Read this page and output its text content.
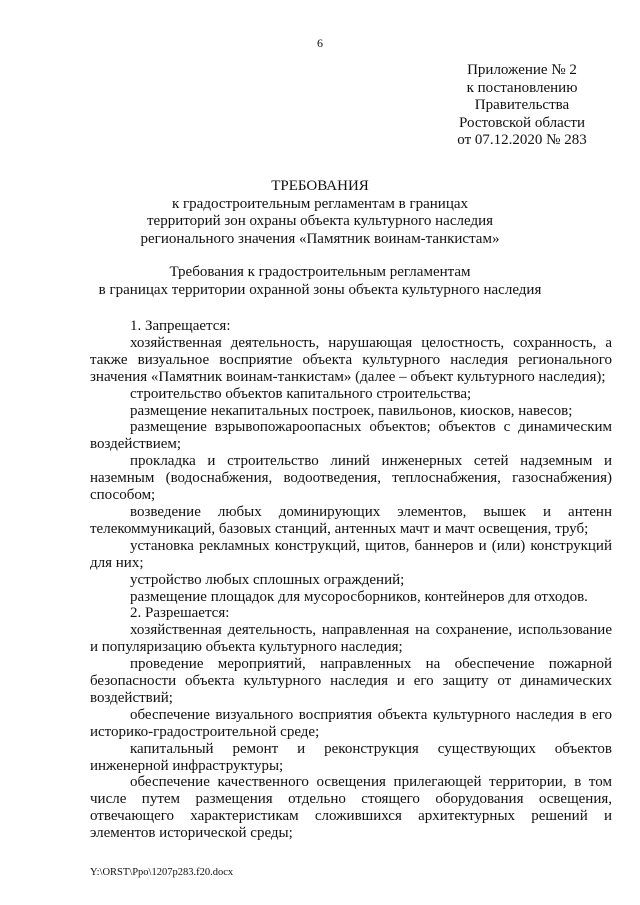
6
Приложение № 2
к постановлению
Правительства
Ростовской области
от 07.12.2020 № 283
ТРЕБОВАНИЯ
к градостроительным регламентам в границах
территорий зон охраны объекта культурного наследия
регионального значения «Памятник воинам-танкистам»
Требования к градостроительным регламентам
в границах территории охранной зоны объекта культурного наследия

1. Запрещается:

хозяйственная деятельность, нарушающая целостность, сохранность, а также визуальное восприятие объекта культурного наследия регионального значения «Памятник воинам-танкистам» (далее – объект культурного наследия);

строительство объектов капитального строительства;

размещение некапитальных построек, павильонов, киосков, навесов;

размещение взрывопожароопасных объектов; объектов с динамическим воздействием;

прокладка и строительство линий инженерных сетей надземным и наземным (водоснабжения, водоотведения, теплоснабжения, газоснабжения) способом;

возведение любых доминирующих элементов, вышек и антенн телекоммуникаций, базовых станций, антенных мачт и мачт освещения, труб;

установка рекламных конструкций, щитов, баннеров и (или) конструкций для них;

устройство любых сплошных ограждений;

размещение площадок для мусоросборников, контейнеров для отходов.

2. Разрешается:

хозяйственная деятельность, направленная на сохранение, использование и популяризацию объекта культурного наследия;

проведение мероприятий, направленных на обеспечение пожарной безопасности объекта культурного наследия и его защиту от динамических воздействий;

обеспечение визуального восприятия объекта культурного наследия в его историко-градостроительной среде;

капитальный ремонт и реконструкция существующих объектов инженерной инфраструктуры;

обеспечение качественного освещения прилегающей территории, в том числе путем размещения отдельно стоящего оборудования освещения, отвечающего характеристикам сложившихся архитектурных решений и элементов исторической среды;

Y:\ORST\Ppo\1207p283.f20.docx
